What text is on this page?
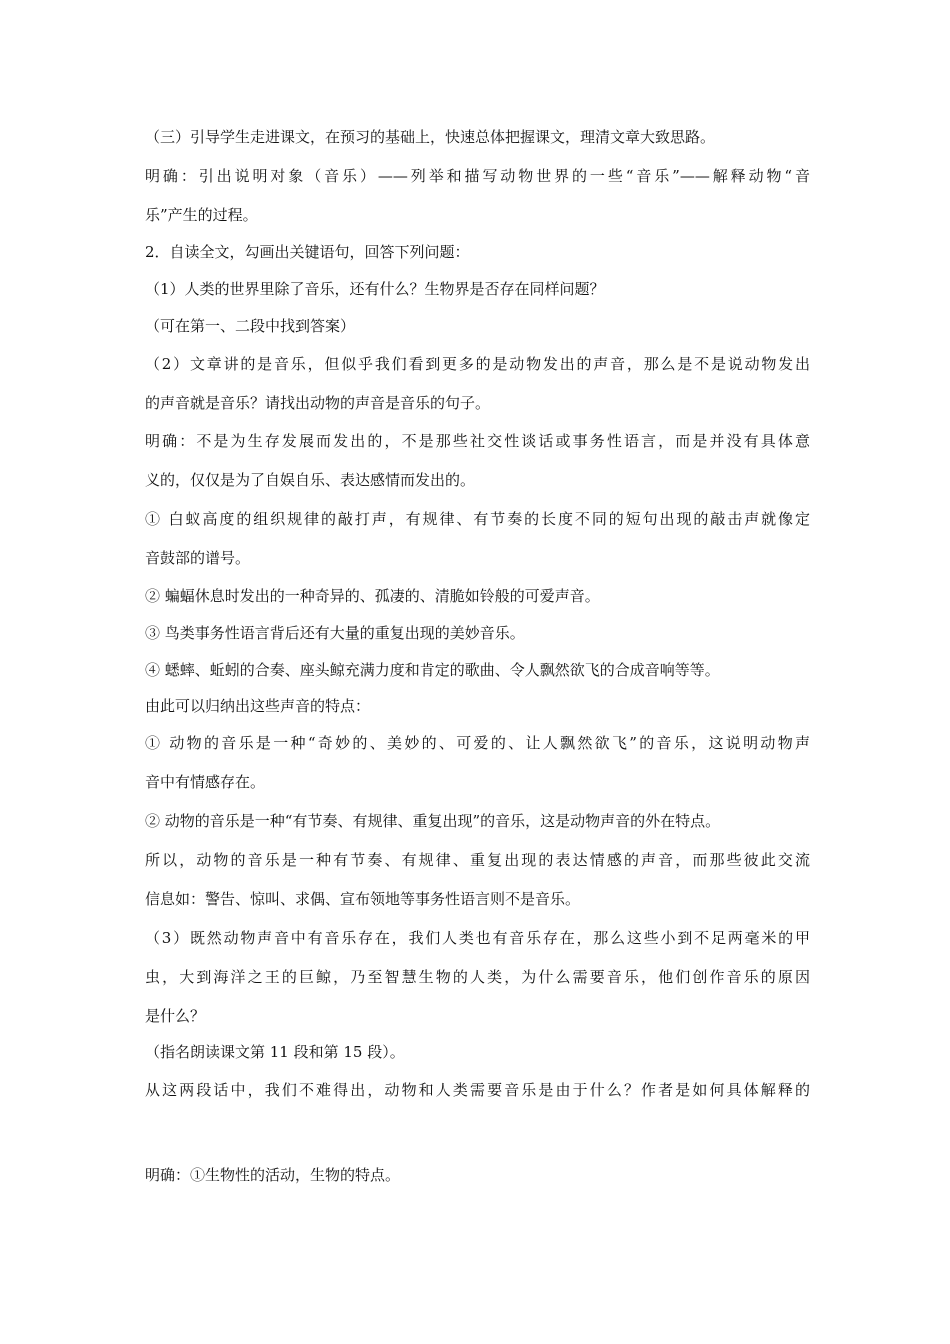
（三）引导学生走进课文，在预习的基础上，快速总体把握课文，理清文章大致思路。

明确：引出说明对象（音乐）——列举和描写动物世界的一些“音乐”——解释动物“音

乐”产生的过程。

2．自读全文，勾画出关键语句，回答下列问题：

（1）人类的世界里除了音乐，还有什么？生物界是否存在同样问题？

（可在第一、二段中找到答案）

（2）文章讲的是音乐，但似乎我们看到更多的是动物发出的声音，那么是不是说动物发出

的声音就是音乐？请找出动物的声音是音乐的句子。

明确：不是为生存发展而发出的，不是那些社交性谈话或事务性语言，而是并没有具体意

义的，仅仅是为了自娱自乐、表达感情而发出的。

① 白蚁高度的组织规律的敲打声，有规律、有节奏的长度不同的短句出现的敲击声就像定

音鼓部的谱号。

② 蝙蝠休息时发出的一种奇异的、孤凄的、清脆如铃般的可爱声音。

③ 鸟类事务性语言背后还有大量的重复出现的美妙音乐。

④ 蟋蟀、蚯蚓的合奏、座头鲸充满力度和肯定的歌曲、令人飘然欲飞的合成音响等等。

由此可以归纳出这些声音的特点：

① 动物的音乐是一种“奇妙的、美妙的、可爱的、让人飘然欲飞”的音乐，这说明动物声

音中有情感存在。

② 动物的音乐是一种“有节奏、有规律、重复出现”的音乐，这是动物声音的外在特点。

所以，动物的音乐是一种有节奏、有规律、重复出现的表达情感的声音，而那些彼此交流

信息如：警告、惊叫、求偶、宣布领地等事务性语言则不是音乐。

（3）既然动物声音中有音乐存在，我们人类也有音乐存在，那么这些小到不足两毫米的甲

虫，大到海洋之王的巨鲸，乃至智慧生物的人类，为什么需要音乐，他们创作音乐的原因

是什么？

（指名朗读课文第 11 段和第 15 段）。

从这两段话中，我们不难得出，动物和人类需要音乐是由于什么？作者是如何具体解释的

明确：①生物性的活动，生物的特点。
